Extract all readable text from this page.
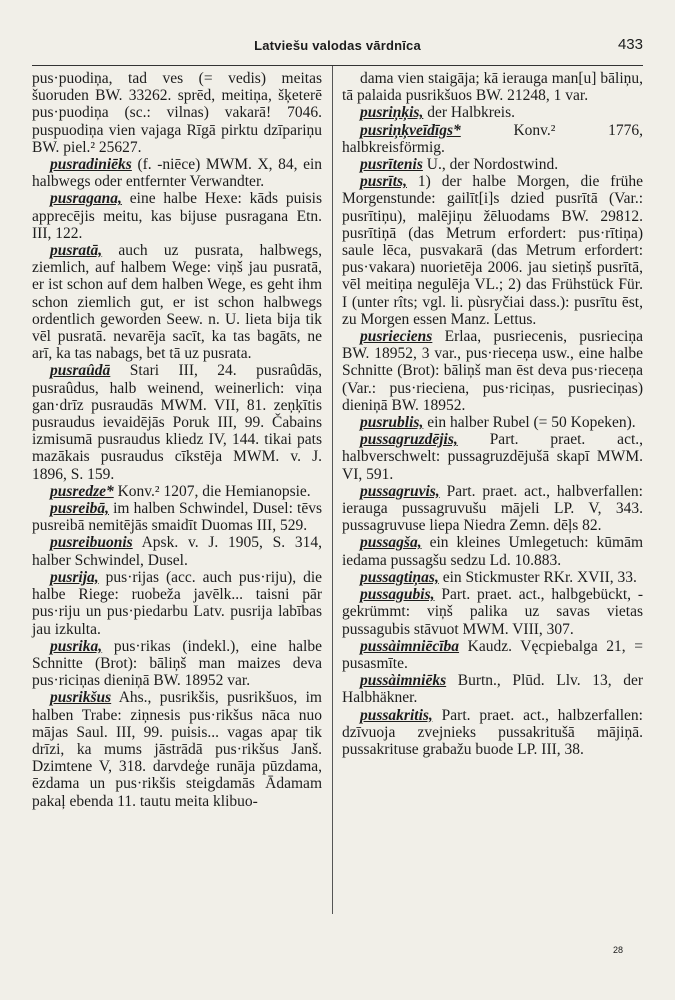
Latviešu valodas vārdnīca	433

pus·puodiņa, tad ves (= vedis) meitas šuoruden BW. 33262. sprēd, meitiņa, šķeterē pus·puodiņa (sc.: vilnas) vakarā! 7046. puspuodiņa vien vajaga Rīgā pirktu dzīpariņu BW. piel.² 25627.

pusradiniēks (f. -niēce) MWM. X, 84, ein halbwegs oder entfernter Verwandter.

pusragana, eine halbe Hexe: kāds puisis apprecējis meitu, kas bijuse pusragana Etn. III, 122.

pusratā, auch uz pusrata, halbwegs, ziemlich, auf halbem Wege: viņš jau pusratā, er ist schon auf dem halben Wege, es geht ihm schon ziemlich gut, er ist schon halbwegs ordentlich geworden Seew. n. U. lieta bija tik vēl pusratā. nevarēja sacīt, ka tas bagāts, ne arī, ka tas nabags, bet tā uz pusrata.

pusraûdā Stari III, 24. pusraûdās, pusraûdus, halb weinend, weinerlich: viņa gan·drīz pusraudās MWM. VII, 81. zeņķītis pusraudus ievaidējās Poruk III, 99. Čabains izmisumā pusraudus kliedz IV, 144. tikai pats mazākais pusraudus cīkstēja MWM. v. J. 1896, S. 159.

pusredze* Konv.² 1207, die Hemianopsie.

pusreibā, im halben Schwindel, Dusel: tēvs pusreibā nemitējās smaidīt Duomas III, 529.

pusreibuonis Apsk. v. J. 1905, S. 314, halber Schwindel, Dusel.

pusrija, pus·rijas (acc. auch pus·riju), die halbe Riege: ruobeža javēlk... taisni pār pus·riju un pus·piedarbu Latv. pusrija labības jau izkulta.

pusrika, pus·rikas (indekl.), eine halbe Schnitte (Brot): bāliņš man maizes deva pus·riciņas dieniņā BW. 18952 var.

pusrikšus Ahs., pusrikšis, pusrikšuos, im halben Trabe: ziņnesis pus·rikšus nāca nuo mājas Saul. III, 99. puisis... vagas apaŗ tik drīzi, ka mums jāstrādā pus·rikšus Janš. Dzimtene V, 318. darvdeģe runāja pūzdama, ēzdama un pus·rikšis steigdamās Ādamam pakaļ ebenda 11. tautu meita klibuo-

dama vien staigāja; kā ierauga man[u] bāliņu, tā palaida pusrikšuos BW. 21248, 1 var.

pusriņķis, der Halbkreis.

pusriņķveīdīgs*	Konv.² 1776, halbkreisförmig.

pusrītenis U., der Nordostwind.

pusrīts, 1) der halbe Morgen, die frühe Morgenstunde: gailīt[i]s dzied pusrītā (Var.: pusrītiņu), malējiņu žēluodams BW. 29812. pusrītiņā (das Metrum erfordert: pus·rītiņa) saule lēca, pusvakarā (das Metrum erfordert: pus·vakara) nuorietēja 2006. jau sietiņš pusrītā, vēl meitiņa negulēja VL.; 2) das Frühstück Für. I (unter rîts; vgl. li. pùsryčiai dass.): pusrītu ēst, zu Morgen essen Manz. Lettus.

pusrieciens Erlaa, pusriecenis, pusrieciņa BW. 18952, 3 var., pus·rieceņa usw., eine halbe Schnitte (Brot): bāliņš man ēst deva pus·rieceņa (Var.: pus·rieciena, pus·riciņas, pusrieciņas) dieniņā BW. 18952.

pusrublis, ein halber Rubel (= 50 Kopeken).

pussagruzdējis, Part. praet. act., halbverschwelt: pussagruzdējušā skapī MWM. VI, 591.

pussagruvis, Part. praet. act., halbverfallen: ierauga pussagruvušu mājeli LP. V, 343. pussagruvuse liepa Niedra Zemn. dēļs 82.

pussagša, ein kleines Umlegetuch: kūmām iedama pussagšu sedzu Ld. 10.883.

pussagtiņas, ein Stickmuster RKr. XVII, 33.

pussagubis, Part. praet. act., halbgebückt, -gekrümmt: viņš palika uz savas vietas pussagubis stāvuot MWM. VIII, 307.

pussàimniēcība Kaudz. Vęcpiebalga 21, = pusasmīte.

pussàimniēks Burtn., Plūd. Llv. 13, der Halbhäkner.

pussakritis, Part. praet. act., halbzerfallen: dzīvuoja zvejnieks pussakritušā mājiņā. pussakrituse grabažu buode LP. III, 38.

28
